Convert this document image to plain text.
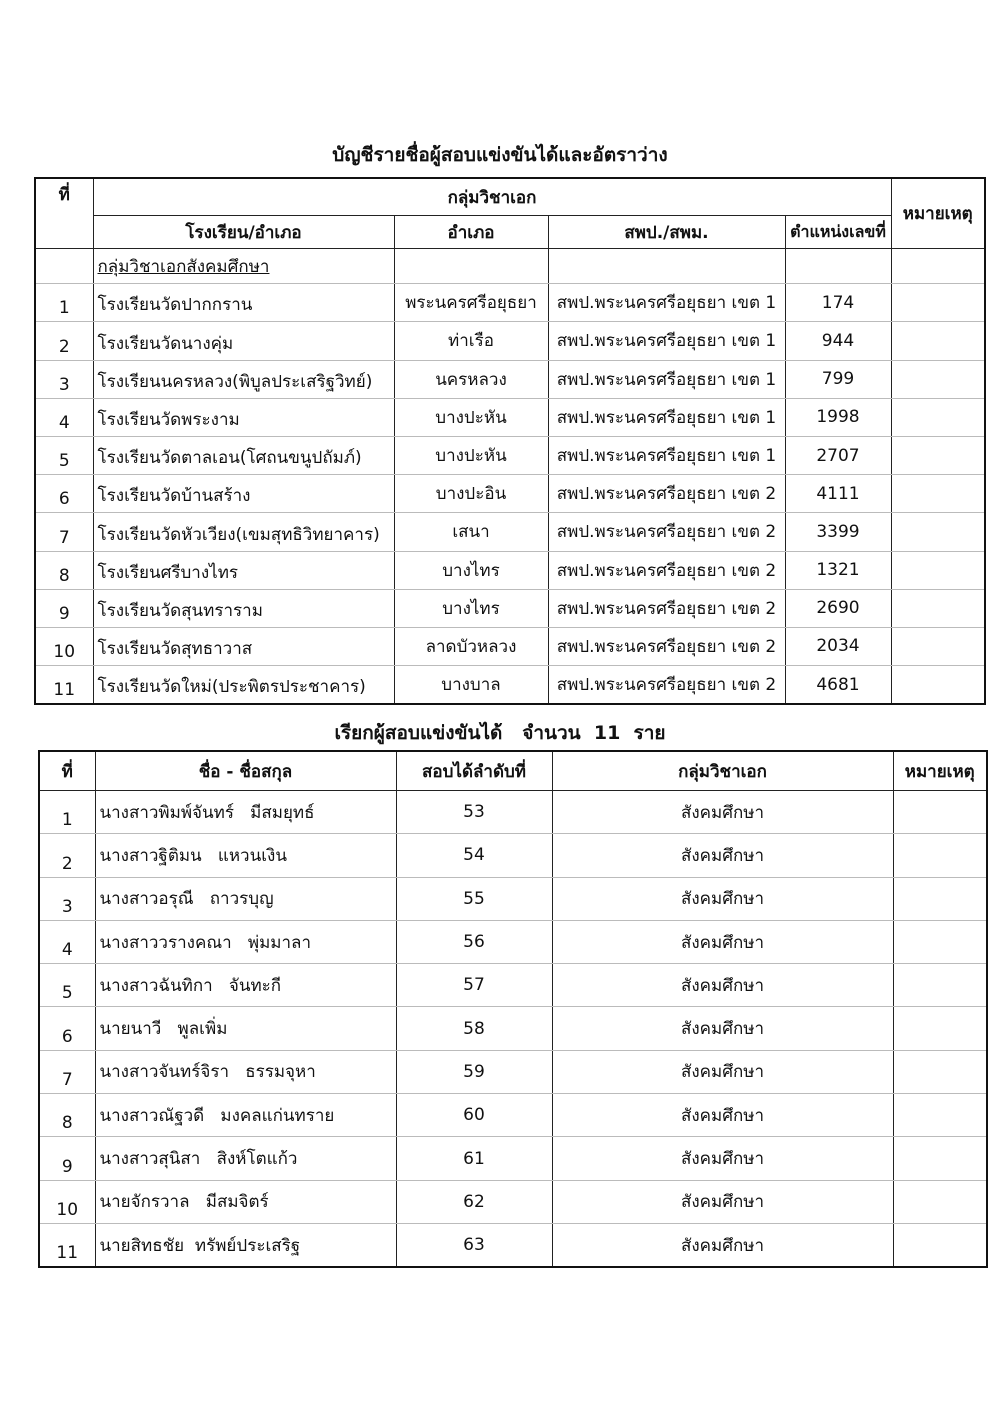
บัญชีรายชื่อผู้สอบแข่งขันได้และอัตราว่าง
ที่	กลุ่มวิชาเอก				หมายเหตุ
	โรงเรียน/อำเภอ	อำเภอ	สพป./สพม.	ตำแหน่งเลขที่	
	กลุ่มวิชาเอกสังคมศึกษา				
1	โรงเรียนวัดปากกราน	พระนครศรีอยุธยา	สพป.พระนครศรีอยุธยา เขต 1	174	
2	โรงเรียนวัดนางคุ่ม	ท่าเรือ	สพป.พระนครศรีอยุธยา เขต 1	944	
3	โรงเรียนนครหลวง(พิบูลประเสริฐวิทย์)	นครหลวง	สพป.พระนครศรีอยุธยา เขต 1	799	
4	โรงเรียนวัดพระงาม	บางปะหัน	สพป.พระนครศรีอยุธยา เขต 1	1998	
5	โรงเรียนวัดตาลเอน(โศถนขนูปถัมภ์)	บางปะหัน	สพป.พระนครศรีอยุธยา เขต 1	2707	
6	โรงเรียนวัดบ้านสร้าง	บางปะอิน	สพป.พระนครศรีอยุธยา เขต 2	4111	
7	โรงเรียนวัดหัวเวียง(เขมสุทธิวิทยาคาร)	เสนา	สพป.พระนครศรีอยุธยา เขต 2	3399	
8	โรงเรียนศรีบางไทร	บางไทร	สพป.พระนครศรีอยุธยา เขต 2	1321	
9	โรงเรียนวัดสุนทราราม	บางไทร	สพป.พระนครศรีอยุธยา เขต 2	2690	
10	โรงเรียนวัดสุทธาวาส	ลาดบัวหลวง	สพป.พระนครศรีอยุธยา เขต 2	2034	
11	โรงเรียนวัดใหม่(ประพิตรประชาคาร)	บางบาล	สพป.พระนครศรีอยุธยา เขต 2	4681	
เรียกผู้สอบแข่งขันได้   จำนวน  11  ราย
ที่	ชื่อ - ชื่อสกุล	สอบได้ลำดับที่	กลุ่มวิชาเอก	หมายเหตุ
1	นางสาวพิมพ์จันทร์   มีสมยุทธ์	53	สังคมศึกษา	
2	นางสาวฐิติมน   แหวนเงิน	54	สังคมศึกษา	
3	นางสาวอรุณี   ถาวรบุญ	55	สังคมศึกษา	
4	นางสาววรางคณา   พุ่มมาลา	56	สังคมศึกษา	
5	นางสาวฉันทิกา   จันทะกี	57	สังคมศึกษา	
6	นายนาวี   พูลเพิ่ม	58	สังคมศึกษา	
7	นางสาวจันทร์จิรา   ธรรมจุหา	59	สังคมศึกษา	
8	นางสาวณัฐวดี   มงคลแก่นทราย	60	สังคมศึกษา	
9	นางสาวสุนิสา   สิงห์โตแก้ว	61	สังคมศึกษา	
10	นายจักรวาล   มีสมจิตร์	62	สังคมศึกษา	
11	นายสิทธชัย  ทรัพย์ประเสริฐ	63	สังคมศึกษา	
